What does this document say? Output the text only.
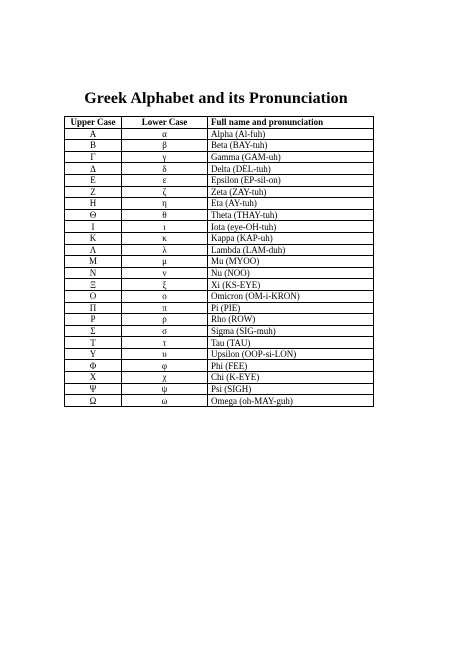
Greek Alphabet and its Pronunciation
Upper Case	Lower Case	Full name and pronunciation
Α	α	Alpha (Al-fuh)
Β	β	Beta (BAY-tuh)
Γ	γ	Gamma (GAM-uh)
Δ	δ	Delta (DEL-tuh)
Ε	ε	Epsilon (EP-sil-on)
Ζ	ζ	Zeta (ZAY-tuh)
Η	η	Eta (AY-tuh)
Θ	θ	Theta (THAY-tuh)
Ι	ι	Iota (eye-OH-tuh)
Κ	κ	Kappa (KAP-uh)
Λ	λ	Lambda (LAM-duh)
Μ	μ	Mu (MYOO)
Ν	ν	Nu (NOO)
Ξ	ξ	Xi (KS-EYE)
Ο	ο	Omicron (OM-i-KRON)
Π	π	Pi (PIE)
Ρ	ρ	Rho (ROW)
Σ	σ	Sigma (SIG-muh)
Τ	τ	Tau (TAU)
Υ	υ	Upsilon (OOP-si-LON)
Φ	φ	Phi (FEE)
Χ	χ	Chi (K-EYE)
Ψ	ψ	Psi (SIGH)
Ω	ω	Omega (oh-MAY-guh)
